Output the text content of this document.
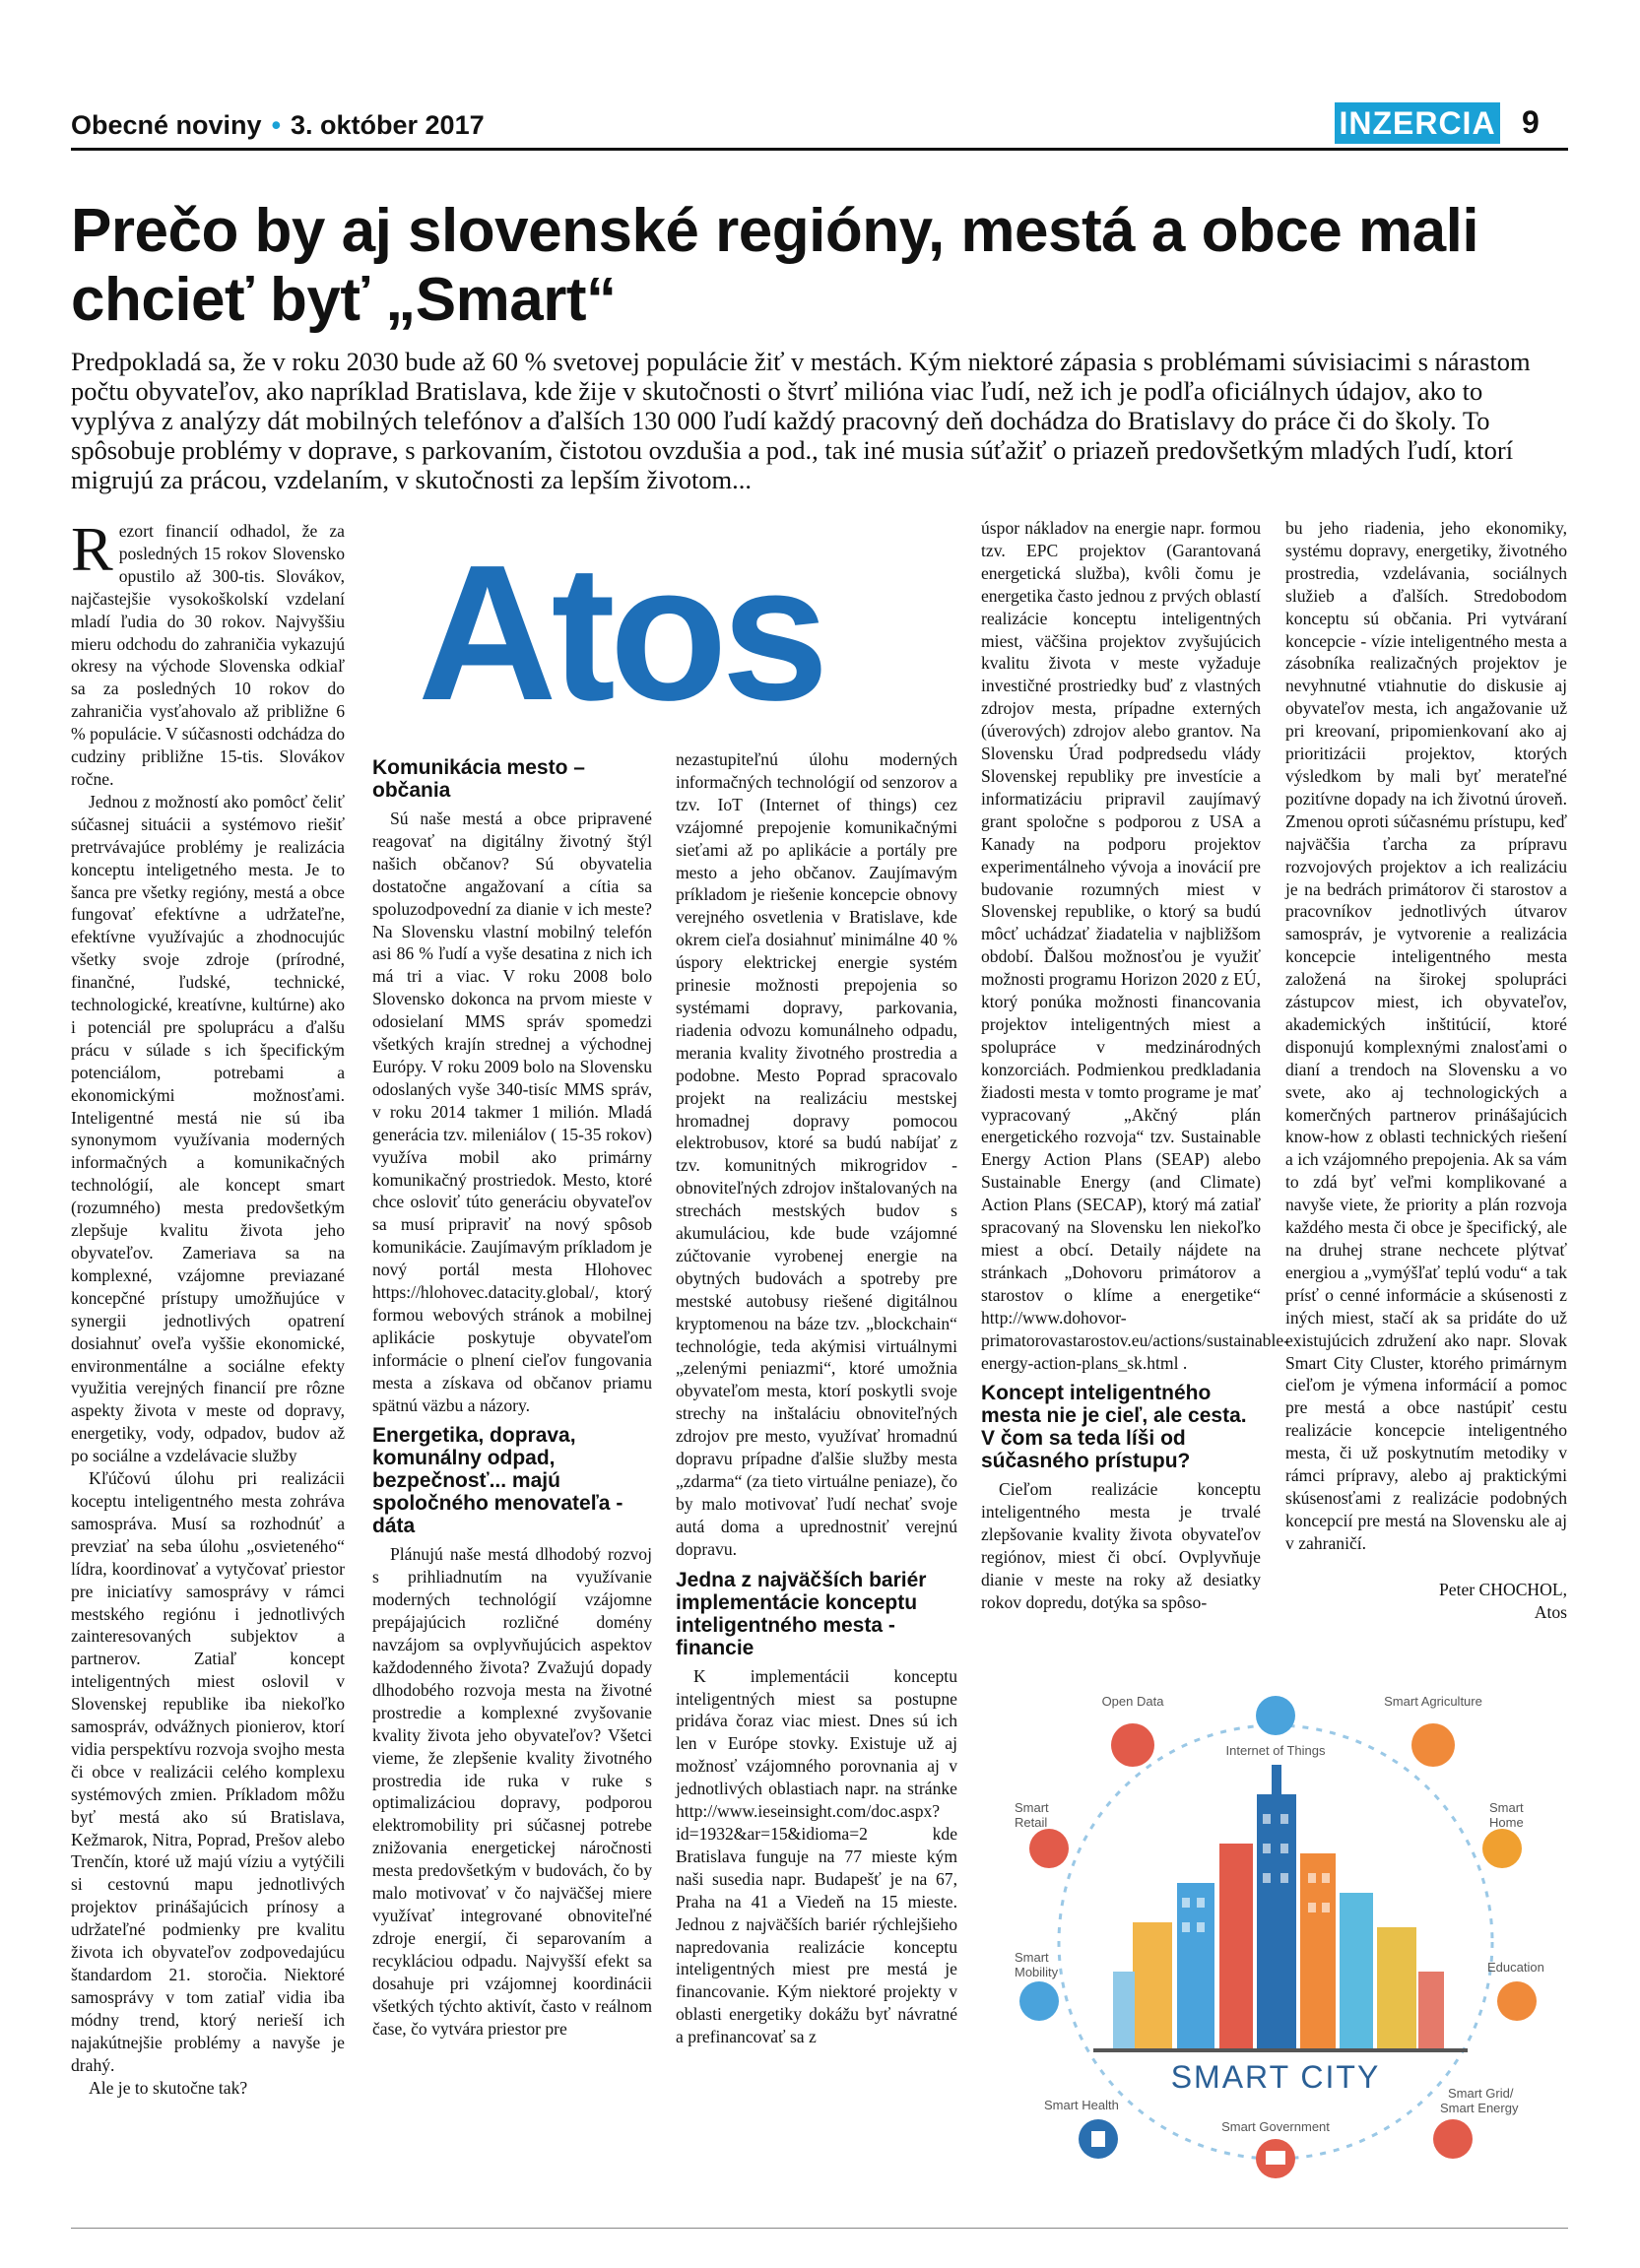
Obecné noviny • 3. október 2017	INZERCIA 9
Prečo by aj slovenské regióny, mestá a obce mali chcieť byť „Smart“

Predpokladá sa, že v roku 2030 bude až 60 % svetovej populácie žiť v mestách. Kým niektoré zápasia s problémami súvisiacimi s nárastom počtu obyvateľov, ako napríklad Bratislava, kde žije v skutočnosti o štvrť milióna viac ľudí, než ich je podľa oficiálnych údajov, ako to vyplýva z analýzy dát mobilných telefónov a ďalších 130 000 ľudí každý pracovný deň dochádza do Bratislavy do práce či do školy. To spôsobuje problémy v doprave, s parkovaním, čistotou ovzdušia a pod., tak iné musia súťažiť o priazeň predovšetkým mladých ľudí, ktorí migrujú za prácou, vzdelaním, v skutočnosti za lepším životom...

Rezort financií odhadol, že za posledných 15 rokov Slovensko opustilo až 300-tis. Slovákov, najčastejšie vysokoškolskí vzdelaní mladí ľudia do 30 rokov. Najvyššiu mieru odchodu do zahraničia vykazujú okresy na východe Slovenska odkiaľ sa za posledných 10 rokov do zahraničia vysťahovalo až približne 6 % populácie. V súčasnosti odchádza do cudziny približne 15-tis. Slovákov ročne.

Jednou z možností ako pomôcť čeliť súčasnej situácii a systémovo riešiť pretrvávajúce problémy je realizácia konceptu inteligetného mesta. Je to šanca pre všetky regióny, mestá a obce fungovať efektívne a udržateľne, efektívne využívajúc a zhodnocujúc všetky svoje zdroje (prírodné, finančné, ľudské, technické, technologické, kreatívne, kultúrne) ako i potenciál pre spoluprácu a ďalšu prácu v súlade s ich špecifickým potenciálom, potrebami a ekonomickými možnosťami. Inteligentné mestá nie sú iba synonymom využívania moderných informačných a komunikačných technológií, ale koncept smart (rozumného) mesta predovšetkým zlepšuje kvalitu života jeho obyvateľov. Zameriava sa na komplexné, vzájomne previazané koncepčné prístupy umožňujúce v synergii jednotlivých opatrení dosiahnuť oveľa vyššie ekonomické, environmentálne a sociálne efekty využitia verejných financií pre rôzne aspekty života v meste od dopravy, energetiky, vody, odpadov, budov až po sociálne a vzdelávacie služby

Kľúčovú úlohu pri realizácii koceptu inteligentného mesta zohráva samospráva. Musí sa rozhodnúť a prevziať na seba úlohu „osvieteného“ lídra, koordinovať a vytyčovať priestor pre iniciatívy samosprávy v rámci mestského regiónu i jednotlivých zainteresovaných subjektov a partnerov. Zatiaľ koncept inteligentných miest oslovil v Slovenskej republike iba niekoľko samospráv, odvážnych pionierov, ktorí vidia perspektívu rozvoja svojho mesta či obce v realizácii celého komplexu systémových zmien. Príkladom môžu byť mestá ako sú Bratislava, Kežmarok, Nitra, Poprad, Prešov alebo Trenčín, ktoré už majú víziu a vytýčili si cestovnú mapu jednotlivých projektov prinášajúcich prínosy a udržateľné podmienky pre kvalitu života ich obyvateľov zodpovedajúcu štandardom 21. storočia. Niektoré samosprávy v tom zatiaľ vidia iba módny trend, ktorý nerieší ich najakútnejšie problémy a navyše je drahý.

Ale je to skutočne tak?

Atos
Komunikácia mesto – občania

Sú naše mestá a obce pripravené reagovať na digitálny životný štýl našich občanov? Sú obyvatelia dostatočne angažovaní a cítia sa spoluzodpovední za dianie v ich meste? Na Slovensku vlastní mobilný telefón asi 86 % ľudí a vyše desatina z nich ich má tri a viac. V roku 2008 bolo Slovensko dokonca na prvom mieste v odosielaní MMS správ spomedzi všetkých krajín strednej a východnej Európy. V roku 2009 bolo na Slovensku odoslaných vyše 340-tisíc MMS správ, v roku 2014 takmer 1 milión. Mladá generácia tzv. mileniálov ( 15-35 rokov) využíva mobil ako primárny komunikačný prostriedok. Mesto, ktoré chce osloviť túto generáciu obyvateľov sa musí pripraviť na nový spôsob komunikácie. Zaujímavým príkladom je nový portál mesta Hlohovec https://hlohovec.datacity.global/, ktorý formou webových stránok a mobilnej aplikácie poskytuje obyvateľom informácie o plnení cieľov fungovania mesta a získava od občanov priamu spätnú väzbu a názory.

Energetika, doprava, komunálny odpad, bezpečnosť... majú spoločného menovateľa - dáta

Plánujú naše mestá dlhodobý rozvoj s prihliadnutím na využívanie moderných technológií vzájomne prepájajúcich rozličné domény navzájom sa ovplyvňujúcich aspektov každodenného života? Zvažujú dopady dlhodobého rozvoja mesta na životné prostredie a komplexné zvyšovanie kvality života jeho obyvateľov? Všetci vieme, že zlepšenie kvality životného prostredia ide ruka v ruke s optimalizáciou dopravy, podporou elektromobility pri súčasnej potrebe znižovania energetickej náročnosti mesta predovšetkým v budovách, čo by malo motivovať v čo najväčšej miere využívať integrované obnoviteľné zdroje energií, či separovaním a recykláciou odpadu. Najvyšší efekt sa dosahuje pri vzájomnej koordinácii všetkých týchto aktivít, často v reálnom čase, čo vytvára priestor pre

nezastupiteľnú úlohu moderných informačných technológií od senzorov a tzv. IoT (Internet of things) cez vzájomné prepojenie komunikačnými sieťami až po aplikácie a portály pre mesto a jeho občanov. Zaujímavým príkladom je riešenie koncepcie obnovy verejného osvetlenia v Bratislave, kde okrem cieľa dosiahnuť minimálne 40 % úspory elektrickej energie systém prinesie možnosti prepojenia so systémami dopravy, parkovania, riadenia odvozu komunálneho odpadu, merania kvality životného prostredia a podobne. Mesto Poprad spracovalo projekt na realizáciu mestskej hromadnej dopravy pomocou elektrobusov, ktoré sa budú nabíjať z tzv. komunitných mikrogridov - obnoviteľných zdrojov inštalovaných na strechách mestských budov s akumuláciou, kde bude vzájomné zúčtovanie vyrobenej energie na obytných budovách a spotreby pre mestské autobusy riešené digitálnou kryptomenou na báze tzv. „blockchain“ technológie, teda akýmisi virtuálnymi „zelenými peniazmi“, ktoré umožnia obyvateľom mesta, ktorí poskytli svoje strechy na inštaláciu obnoviteľných zdrojov pre mesto, využívať hromadnú dopravu prípadne ďalšie služby mesta „zdarma“ (za tieto virtuálne peniaze), čo by malo motivovať ľudí nechať svoje autá doma a uprednostniť verejnú dopravu.

Jedna z najväčších bariér implementácie konceptu inteligentného mesta - financie

K implementácii konceptu inteligentných miest sa postupne pridáva čoraz viac miest. Dnes sú ich len v Európe stovky. Existuje už aj možnosť vzájomného porovnania aj v jednotlivých oblastiach napr. na stránke http://www.ieseinsight.com/doc.aspx?id=1932&ar=15&idioma=2 kde Bratislava funguje na 77 mieste kým naši susedia napr. Budapešť je na 67, Praha na 41 a Viedeň na 15 mieste. Jednou z najväčších bariér rýchlejšieho napredovania realizácie konceptu inteligentných miest pre mestá je financovanie. Kým niektoré projekty v oblasti energetiky dokážu byť návratné a prefinancovať sa z

úspor nákladov na energie napr. formou tzv. EPC projektov (Garantovaná energetická služba), kvôli čomu je energetika často jednou z prvých oblastí realizácie konceptu inteligentných miest, väčšina projektov zvyšujúcich kvalitu života v meste vyžaduje investičné prostriedky buď z vlastných zdrojov mesta, prípadne externých (úverových) zdrojov alebo grantov. Na Slovensku Úrad podpredsedu vlády Slovenskej republiky pre investície a informatizáciu pripravil zaujímavý grant spoločne s podporou z USA a Kanady na podporu projektov experimentálneho vývoja a inovácií pre budovanie rozumných miest v Slovenskej republike, o ktorý sa budú môcť uchádzať žiadatelia v najbližšom období. Ďalšou možnosťou je využiť možnosti programu Horizon 2020 z EÚ, ktorý ponúka možnosti financovania projektov inteligentných miest a spolupráce v medzinárodných konzorciách. Podmienkou predkladania žiadosti mesta v tomto programe je mať vypracovaný „Akčný plán energetického rozvoja“ tzv. Sustainable Energy Action Plans (SEAP) alebo Sustainable Energy (and Climate) Action Plans (SECAP), ktorý má zatiaľ spracovaný na Slovensku len niekoľko miest a obcí. Detaily nájdete na stránkach „Dohovoru primátorov a starostov o klíme a energetike“ http://www.dohovor-primatorovastarostov.eu/actions/sustainable-energy-action-plans_sk.html .

Koncept inteligentného mesta nie je cieľ, ale cesta. V čom sa teda líši od súčasného prístupu?

Cieľom realizácie konceptu inteligentného mesta je trvalé zlepšovanie kvality života obyvateľov regiónov, miest či obcí. Ovplyvňuje dianie v meste na roky až desiatky rokov dopredu, dotýka sa spôso-

bu jeho riadenia, jeho ekonomiky, systému dopravy, energetiky, životného prostredia, vzdelávania, sociálnych služieb a ďalších. Stredobodom konceptu sú občania. Pri vytváraní koncepcie - vízie inteligentného mesta a zásobníka realizačných projektov je nevyhnutné vtiahnutie do diskusie aj obyvateľov mesta, ich angažovanie už pri kreovaní, pripomienkovaní ako aj prioritizácii projektov, ktorých výsledkom by mali byť merateľné pozitívne dopady na ich životnú úroveň. Zmenou oproti súčasnému prístupu, keď najväčšia ťarcha za prípravu rozvojových projektov a ich realizáciu je na bedrách primátorov či starostov a pracovníkov jednotlivých útvarov samospráv, je vytvorenie a realizácia koncepcie inteligentného mesta založená na širokej spolupráci zástupcov miest, ich obyvateľov, akademických inštitúcií, ktoré disponujú komplexnými znalosťami o dianí a trendoch na Slovensku a vo svete, ako aj technologických a komerčných partnerov prinášajúcich know-how z oblasti technických riešení a ich vzájomného prepojenia. Ak sa vám to zdá byť veľmi komplikované a navyše viete, že priority a plán rozvoja každého mesta či obce je špecifický, ale na druhej strane nechcete plýtvať energiou a „vymýšľať teplú vodu“ a tak prísť o cenné informácie a skúsenosti z iných miest, stačí ak sa pridáte do už existujúcich združení ako napr. Slovak Smart City Cluster, ktorého primárnym cieľom je výmena informácií a pomoc pre mestá a obce nastúpiť cestu realizácie koncepcie inteligentného mesta, či už poskytnutím metodiky v rámci prípravy, alebo aj praktickými skúsenosťami z realizácie podobných koncepcií pre mestá na Slovensku ale aj v zahraničí.

Peter CHOCHOL,
Atos

SMART CITY
Open Data
Internet of Things
Smart Agriculture
Smart
Retail
Smart
Home
Smart
Mobility	Education
Smart Health
Smart Grid/
Smart Energy
Smart Government
